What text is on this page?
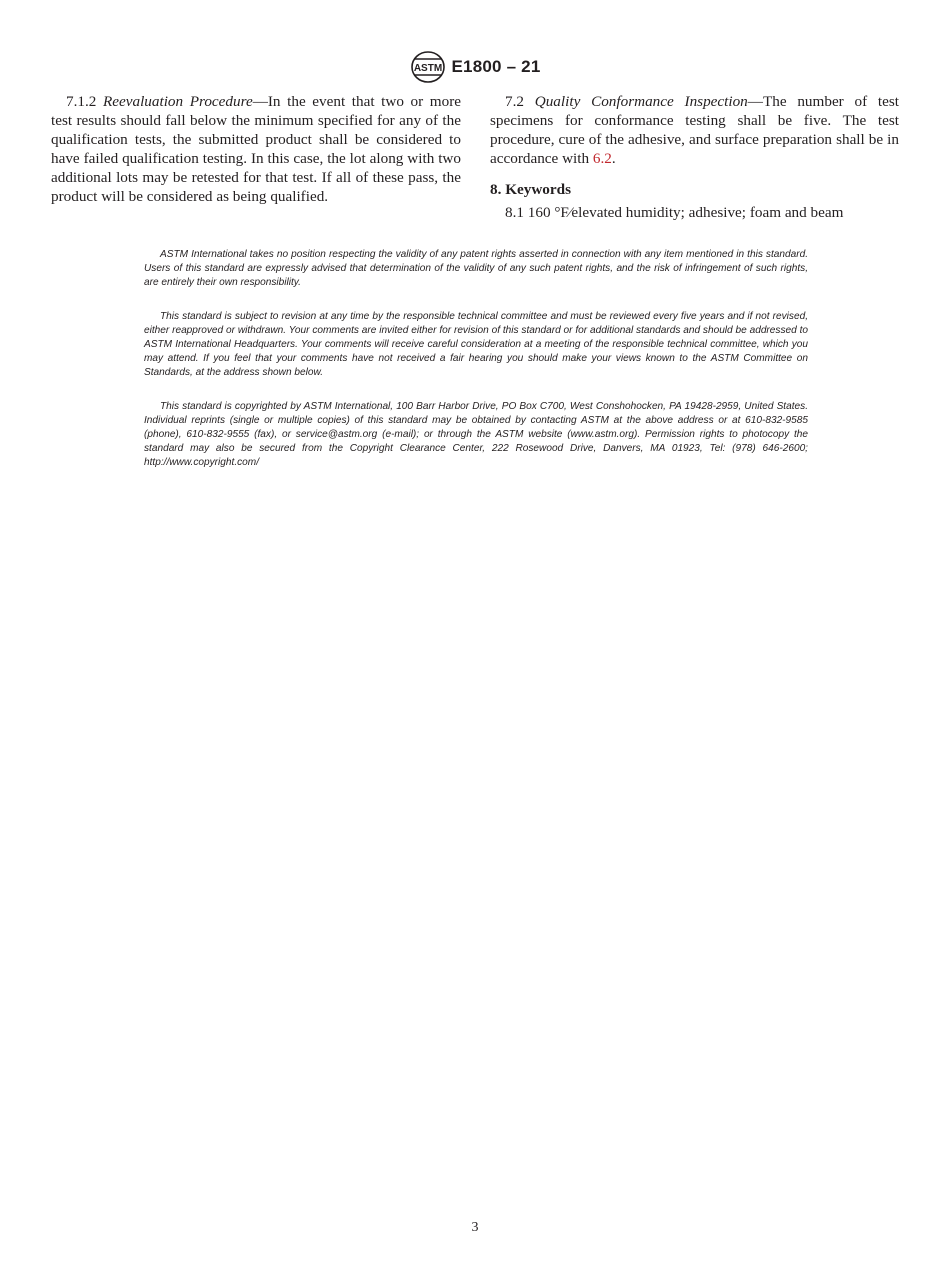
ASTM E1800 – 21

7.1.2 Reevaluation Procedure—In the event that two or more test results should fall below the minimum specified for any of the qualification tests, the submitted product shall be considered to have failed qualification testing. In this case, the lot along with two additional lots may be retested for that test. If all of these pass, the product will be considered as being qualified.

7.2 Quality Conformance Inspection—The number of test specimens for conformance testing shall be five. The test procedure, cure of the adhesive, and surface preparation shall be in accordance with 6.2.

8. Keywords

8.1 160 °F⁄elevated humidity; adhesive; foam and beam

ASTM International takes no position respecting the validity of any patent rights asserted in connection with any item mentioned in this standard. Users of this standard are expressly advised that determination of the validity of any such patent rights, and the risk of infringement of such rights, are entirely their own responsibility.

This standard is subject to revision at any time by the responsible technical committee and must be reviewed every five years and if not revised, either reapproved or withdrawn. Your comments are invited either for revision of this standard or for additional standards and should be addressed to ASTM International Headquarters. Your comments will receive careful consideration at a meeting of the responsible technical committee, which you may attend. If you feel that your comments have not received a fair hearing you should make your views known to the ASTM Committee on Standards, at the address shown below.

This standard is copyrighted by ASTM International, 100 Barr Harbor Drive, PO Box C700, West Conshohocken, PA 19428-2959, United States. Individual reprints (single or multiple copies) of this standard may be obtained by contacting ASTM at the above address or at 610-832-9585 (phone), 610-832-9555 (fax), or service@astm.org (e-mail); or through the ASTM website (www.astm.org). Permission rights to photocopy the standard may also be secured from the Copyright Clearance Center, 222 Rosewood Drive, Danvers, MA 01923, Tel: (978) 646-2600; http://www.copyright.com/

3
